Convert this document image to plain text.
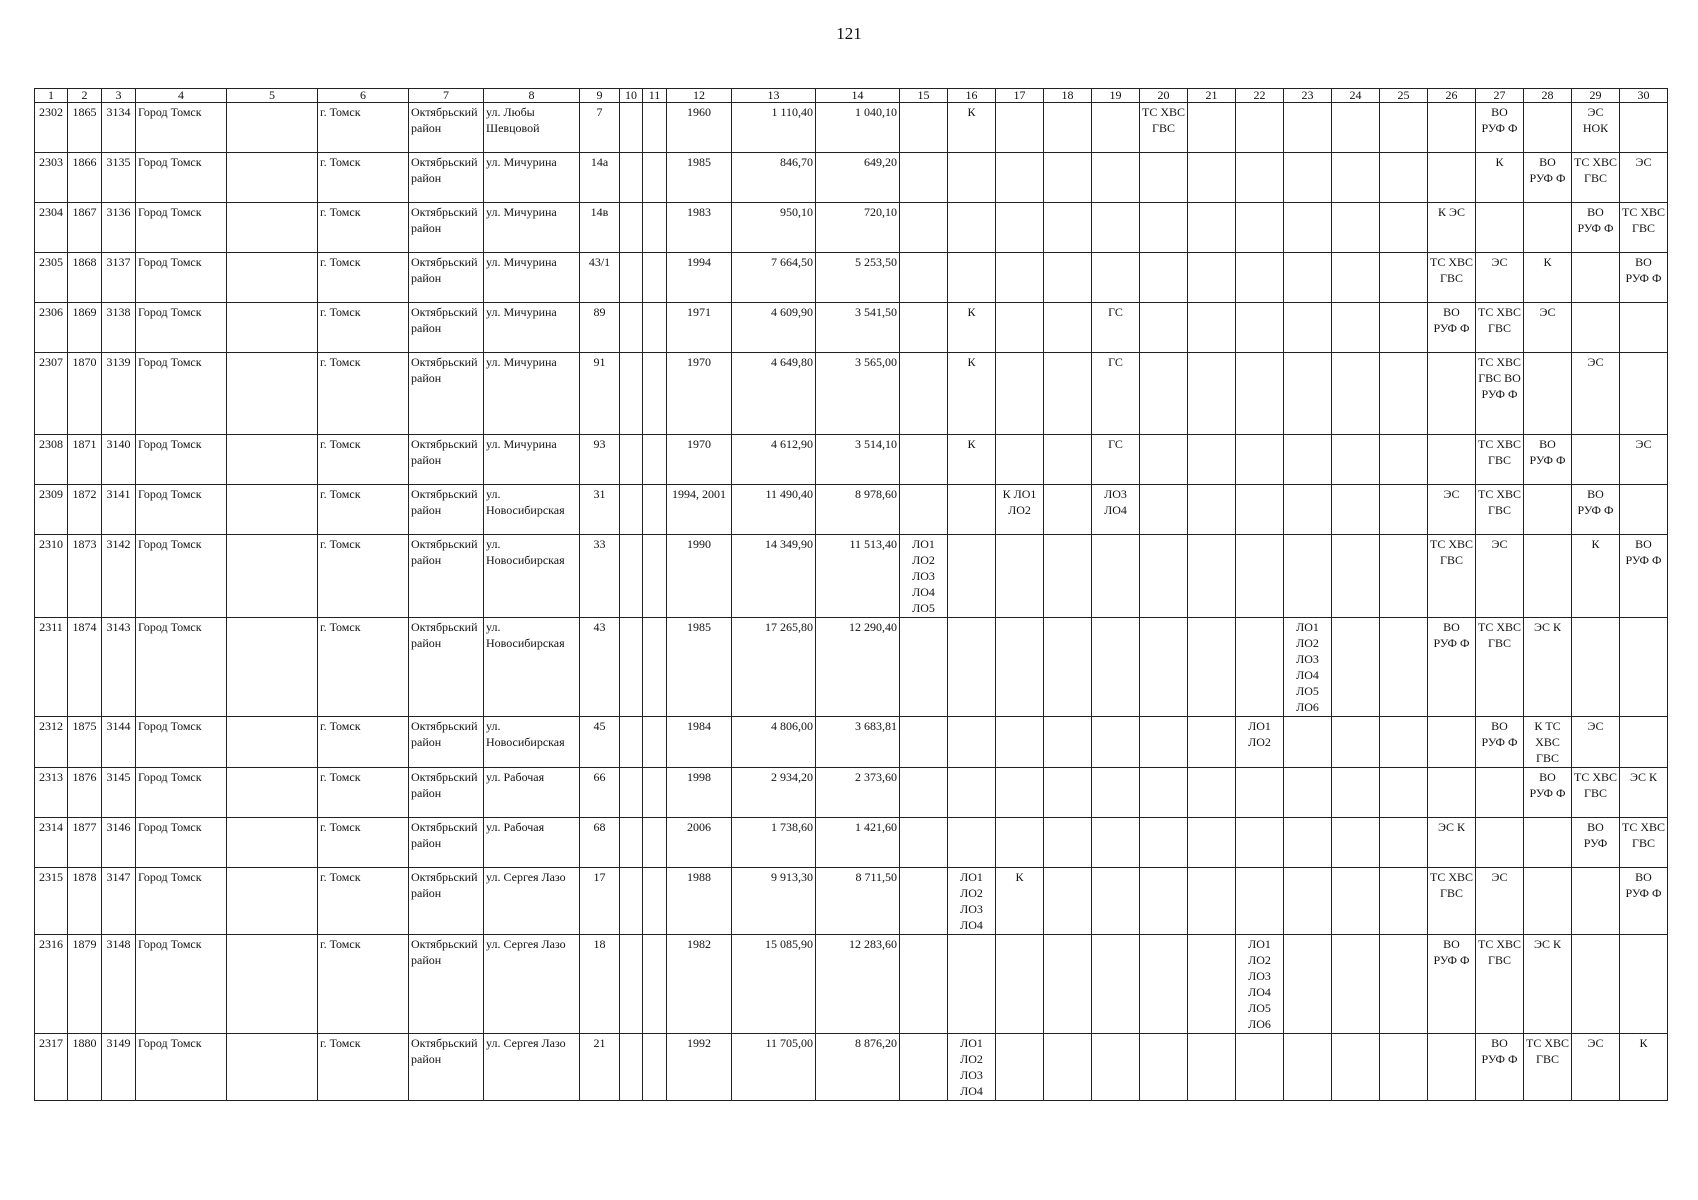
121
1	2	3	4	5	6	7	8	9	10	11	12	13	14	15	16	17	18	19	20	21	22	23	24	25	26	27	28	29	30
2302	1865	3134	Город Томск		г. Томск	Октябрьский район	ул. Любы Шевцовой	7			1960	1 110,40	1 040,10		К				ТС ХВС ГВС							ВО РУФ Ф		ЭС НОК	
2303	1866	3135	Город Томск		г. Томск	Октябрьский район	ул. Мичурина	14а			1985	846,70	649,20													К	ВО РУФ Ф	ТС ХВС ГВС	ЭС
2304	1867	3136	Город Томск		г. Томск	Октябрьский район	ул. Мичурина	14в			1983	950,10	720,10												К ЭС			ВО РУФ Ф	ТС ХВС ГВС
2305	1868	3137	Город Томск		г. Томск	Октябрьский район	ул. Мичурина	43/1			1994	7 664,50	5 253,50												ТС ХВС ГВС	ЭС	К		ВО РУФ Ф
2306	1869	3138	Город Томск		г. Томск	Октябрьский район	ул. Мичурина	89			1971	4 609,90	3 541,50		К			ГС							ВО РУФ Ф	ТС ХВС ГВС	ЭС		
2307	1870	3139	Город Томск		г. Томск	Октябрьский район	ул. Мичурина	91			1970	4 649,80	3 565,00		К			ГС								ТС ХВС ГВС ВО РУФ Ф		ЭС	
2308	1871	3140	Город Томск		г. Томск	Октябрьский район	ул. Мичурина	93			1970	4 612,90	3 514,10		К			ГС								ТС ХВС ГВС	ВО РУФ Ф		ЭС
2309	1872	3141	Город Томск		г. Томск	Октябрьский район	ул. Новосибирская	31			1994, 2001	11 490,40	8 978,60			К ЛО1 ЛО2		ЛО3 ЛО4							ЭС	ТС ХВС ГВС		ВО РУФ Ф	
2310	1873	3142	Город Томск		г. Томск	Октябрьский район	ул. Новосибирская	33			1990	14 349,90	11 513,40	ЛО1 ЛО2 ЛО3 ЛО4 ЛО5											ТС ХВС ГВС	ЭС		К	ВО РУФ Ф
2311	1874	3143	Город Томск		г. Томск	Октябрьский район	ул. Новосибирская	43			1985	17 265,80	12 290,40									ЛО1 ЛО2 ЛО3 ЛО4 ЛО5 ЛО6			ВО РУФ Ф	ТС ХВС ГВС	ЭС К		
2312	1875	3144	Город Томск		г. Томск	Октябрьский район	ул. Новосибирская	45			1984	4 806,00	3 683,81								ЛО1 ЛО2					ВО РУФ Ф	К ТС ХВС ГВС	ЭС	
2313	1876	3145	Город Томск		г. Томск	Октябрьский район	ул. Рабочая	66			1998	2 934,20	2 373,60														ВО РУФ Ф	ТС ХВС ГВС	ЭС К
2314	1877	3146	Город Томск		г. Томск	Октябрьский район	ул. Рабочая	68			2006	1 738,60	1 421,60												ЭС К			ВО РУФ	ТС ХВС ГВС
2315	1878	3147	Город Томск		г. Томск	Октябрьский район	ул. Сергея Лазо	17			1988	9 913,30	8 711,50		ЛО1 ЛО2 ЛО3 ЛО4	К									ТС ХВС ГВС	ЭС			ВО РУФ Ф
2316	1879	3148	Город Томск		г. Томск	Октябрьский район	ул. Сергея Лазо	18			1982	15 085,90	12 283,60								ЛО1 ЛО2 ЛО3 ЛО4 ЛО5 ЛО6				ВО РУФ Ф	ТС ХВС ГВС	ЭС К		
2317	1880	3149	Город Томск		г. Томск	Октябрьский район	ул. Сергея Лазо	21			1992	11 705,00	8 876,20		ЛО1 ЛО2 ЛО3 ЛО4											ВО РУФ Ф	ТС ХВС ГВС	ЭС	К
